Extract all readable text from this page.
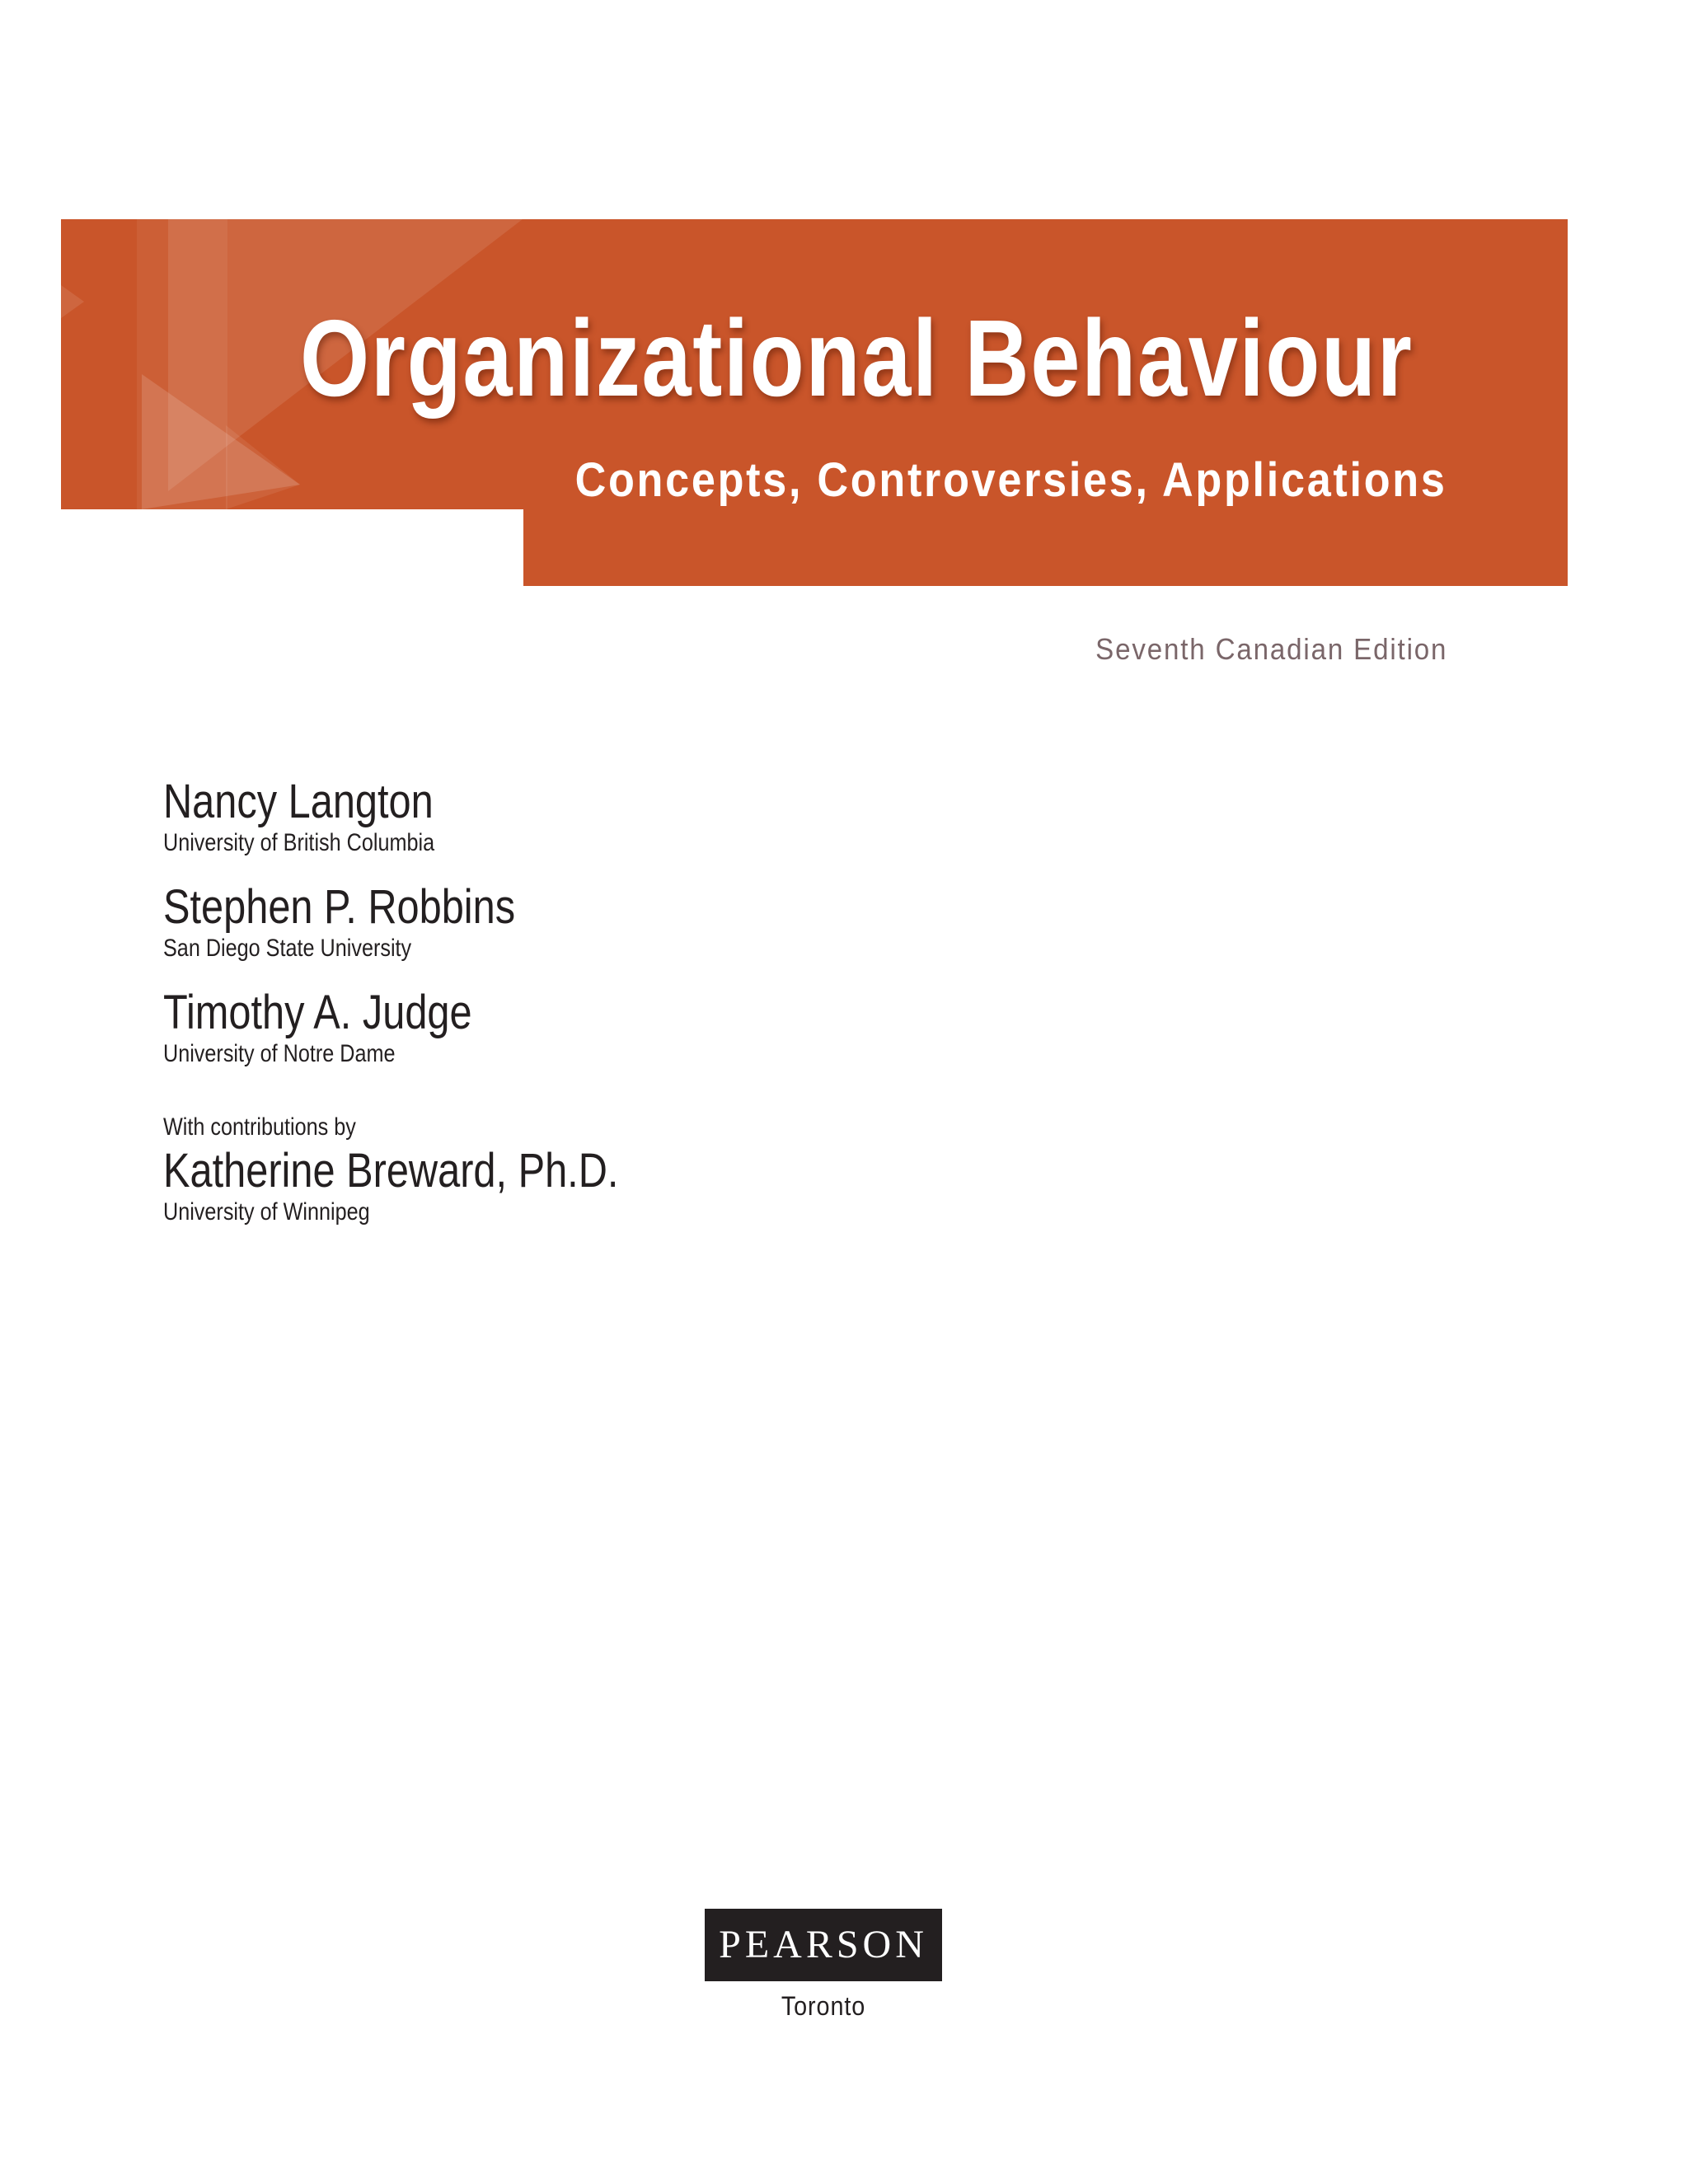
Organizational Behaviour
Concepts, Controversies, Applications
Seventh Canadian Edition
Nancy Langton
University of British Columbia
Stephen P. Robbins
San Diego State University
Timothy A. Judge
University of Notre Dame
With contributions by
Katherine Breward, Ph.D.
University of Winnipeg
PEARSON
Toronto
